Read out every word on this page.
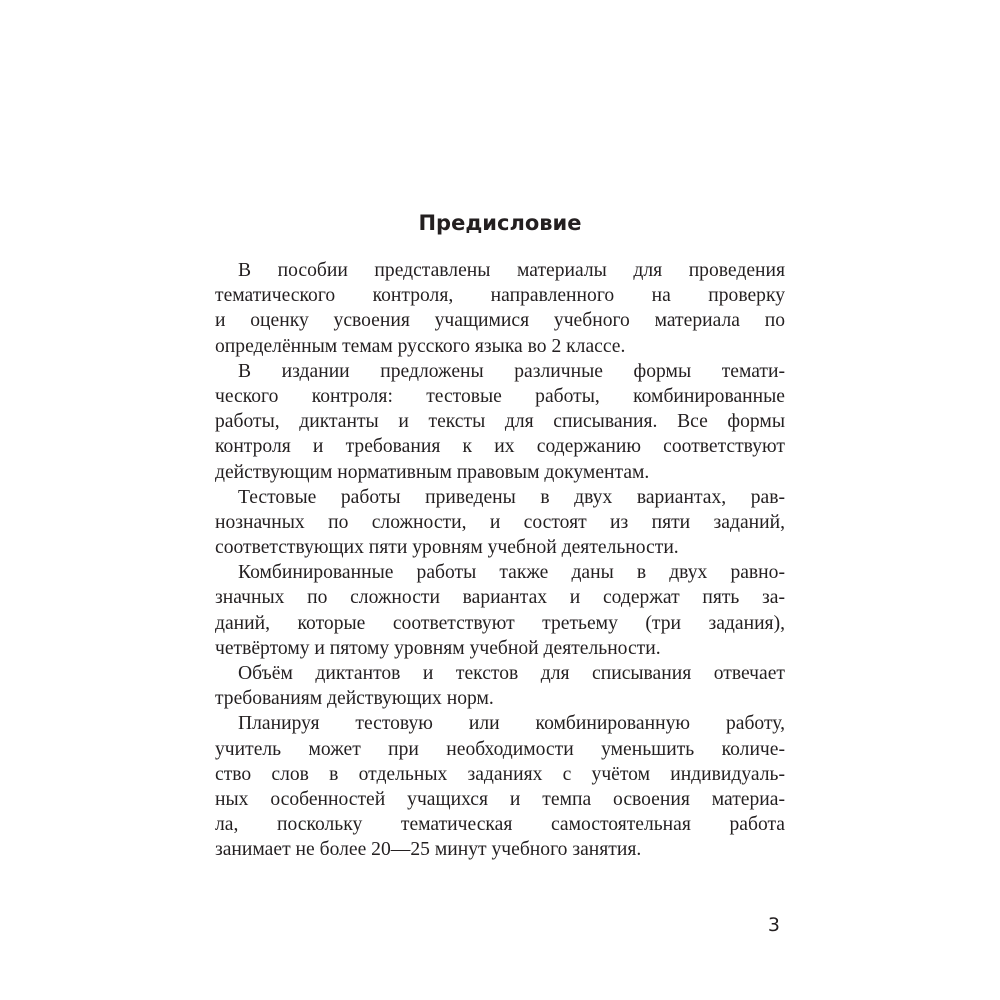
Предисловие
В пособии представлены материалы для проведения
тематического контроля, направленного на проверку
и оценку усвоения учащимися учебного материала по
определённым темам русского языка во 2 классе.
В издании предложены различные формы темати-
ческого контроля: тестовые работы, комбинированные
работы, диктанты и тексты для списывания. Все формы
контроля и требования к их содержанию соответствуют
действующим нормативным правовым документам.
Тестовые работы приведены в двух вариантах, рав-
нозначных по сложности, и состоят из пяти заданий,
соответствующих пяти уровням учебной деятельности.
Комбинированные работы также даны в двух равно-
значных по сложности вариантах и содержат пять за-
даний, которые соответствуют третьему (три задания),
четвёртому и пятому уровням учебной деятельности.
Объём диктантов и текстов для списывания отвечает
требованиям действующих норм.
Планируя тестовую или комбинированную работу,
учитель может при необходимости уменьшить количе-
ство слов в отдельных заданиях с учётом индивидуаль-
ных особенностей учащихся и темпа освоения материа-
ла, поскольку тематическая самостоятельная работа
занимает не более 20—25 минут учебного занятия.
3
